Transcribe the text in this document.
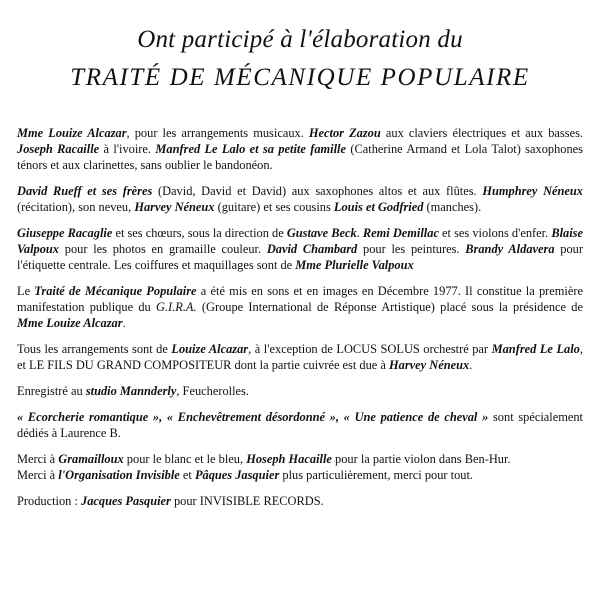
Ont participé à l'élaboration du
TRAITÉ DE MÉCANIQUE POPULAIRE

Mme Louize Alcazar, pour les arrangements musicaux. Hector Zazou aux claviers électriques et aux basses. Joseph Racaille à l'ivoire. Manfred Le Lalo et sa petite famille (Catherine Armand et Lola Talot) saxophones ténors et aux clarinettes, sans oublier le bandonéon.

David Rueff et ses frères (David, David et David) aux saxophones altos et aux flûtes. Humphrey Néneux (récitation), son neveu, Harvey Néneux (guitare) et ses cousins Louis et Godfried (manches).

Giuseppe Racaglie et ses chœurs, sous la direction de Gustave Beck. Remi Demillac et ses violons d'enfer. Blaise Valpoux pour les photos en gramaille couleur. David Chambard pour les peintures. Brandy Aldavera pour l'étiquette centrale. Les coiffures et maquillages sont de Mme Plurielle Valpoux

Le Traité de Mécanique Populaire a été mis en sons et en images en Décembre 1977. Il constitue la première manifestation publique du G.I.R.A. (Groupe International de Réponse Artistique) placé sous la présidence de Mme Louize Alcazar.

Tous les arrangements sont de Louize Alcazar, à l'exception de LOCUS SOLUS orchestré par Manfred Le Lalo, et LE FILS DU GRAND COMPOSITEUR dont la partie cuivrée est due à Harvey Néneux.

Enregistré au studio Mannderly, Feucherolles.

« Ecorcherie romantique », « Enchevêtrement désordonné », « Une patience de cheval » sont spécialement dédiés à Laurence B.

Merci à Gramailloux pour le blanc et le bleu, Hoseph Hacaille pour la partie violon dans Ben-Hur.
Merci à l'Organisation Invisible et Pâques Jasquier plus particulièrement, merci pour tout.

Production : Jacques Pasquier pour INVISIBLE RECORDS.
